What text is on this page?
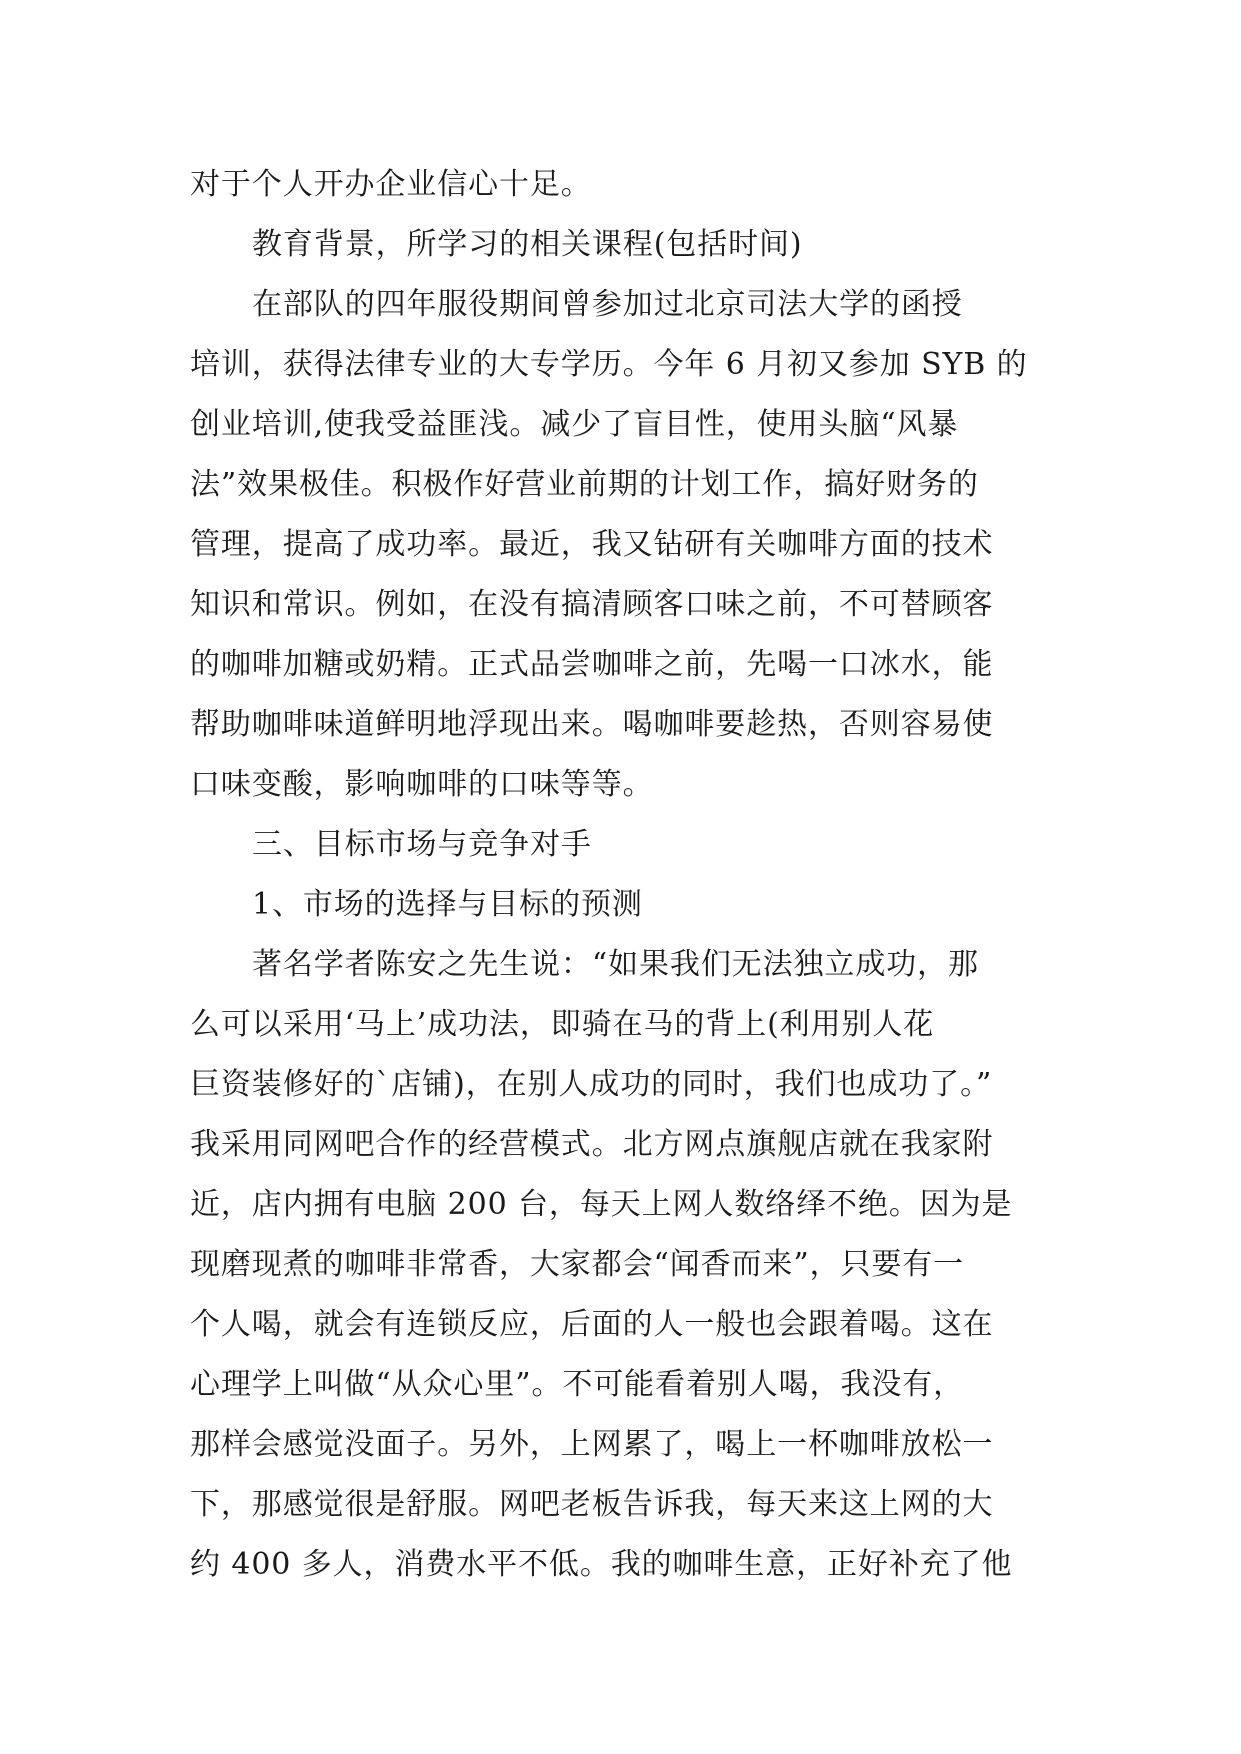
对于个人开办企业信心十足。
教育背景，所学习的相关课程(包括时间)
在部队的四年服役期间曾参加过北京司法大学的函授
培训，获得法律专业的大专学历。今年 6 月初又参加 SYB 的
创业培训,使我受益匪浅。减少了盲目性，使用头脑“风暴
法”效果极佳。积极作好营业前期的计划工作，搞好财务的
管理，提高了成功率。最近，我又钻研有关咖啡方面的技术
知识和常识。例如，在没有搞清顾客口味之前，不可替顾客
的咖啡加糖或奶精。正式品尝咖啡之前，先喝一口冰水，能
帮助咖啡味道鲜明地浮现出来。喝咖啡要趁热，否则容易使
口味变酸，影响咖啡的口味等等。
三、目标市场与竞争对手
1、市场的选择与目标的预测
著名学者陈安之先生说：“如果我们无法独立成功，那
么可以采用‘马上’成功法，即骑在马的背上(利用别人花
巨资装修好的`店铺)，在别人成功的同时，我们也成功了。”
我采用同网吧合作的经营模式。北方网点旗舰店就在我家附
近，店内拥有电脑 200 台，每天上网人数络绎不绝。因为是
现磨现煮的咖啡非常香，大家都会“闻香而来”，只要有一
个人喝，就会有连锁反应，后面的人一般也会跟着喝。这在
心理学上叫做“从众心里”。不可能看着别人喝，我没有，
那样会感觉没面子。另外，上网累了，喝上一杯咖啡放松一
下，那感觉很是舒服。网吧老板告诉我，每天来这上网的大
约 400 多人，消费水平不低。我的咖啡生意，正好补充了他
